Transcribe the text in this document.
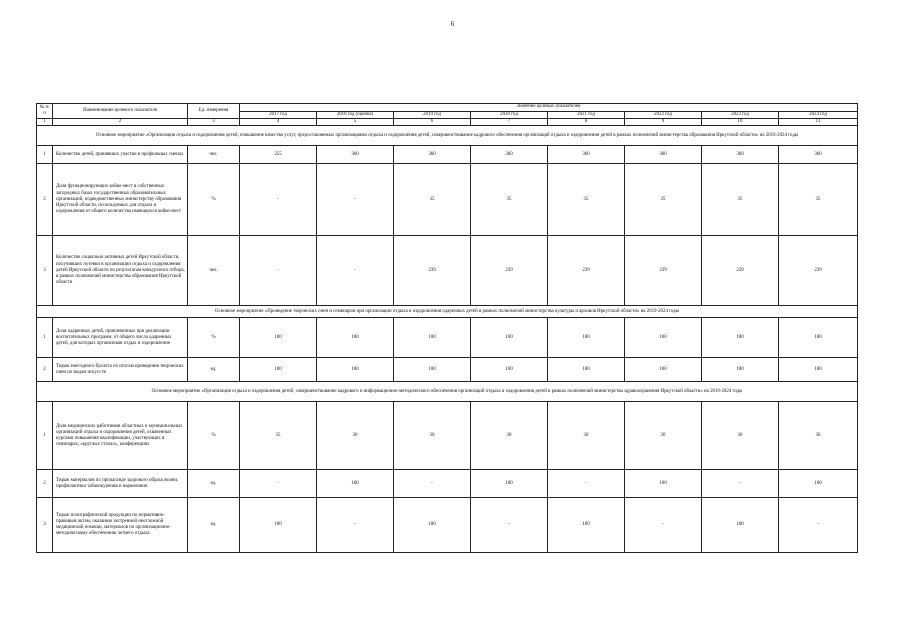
6
№ п/п	Наименование целевого показателя	Ед. измерения	Значение целевых показателей							
			2017 год	2018 год (оценка)	2019 год	2020 год	2021 год	2022 год	2023 год	2024 год
1	2	3	4	5	6	7	8	9	10	11
Основное мероприятие «Организация отдыха и оздоровления детей, повышение качества услуг, предоставляемых организациями отдыха и оздоровления детей, совершенствование кадрового обеспечения организаций отдыха и оздоровления детей в рамках полномочий министерства образования Иркутской области» на 2019-2024 годы										
1	Количество детей, принявших участие в профильных сменах	чел.	255	360	360	360	360	360	360	360
2	Доля функционирующих койко-мест в собственных загородных базах государственных образовательных организаций, подведомственных министерству образования Иркутской области, используемых для отдыха и оздоровления от общего количества имеющихся койко-мест	%	-	-	35	35	35	35	35	35
3	Количество социально активных детей Иркутской области, получивших путевки в организации отдыха и оздоровления детей Иркутской области по результатам конкурсного отбора, в рамках полномочий министерства образования Иркутской области	чел.	-	-	239	239	239	239	239	239
Основное мероприятие «Проведение творческих смен и семинаров при организации отдыха и оздоровления одаренных детей в рамках полномочий министерства культуры и архивов Иркутской области» на 2019-2024 годы										
1	Доля одаренных детей, привлеченных при реализации воспитательных программ, от общего числа одаренных детей, для которых организован отдых и оздоровление	%	100	100	100	100	100	100	100	100
2	Тираж ежегодного буклета по итогам проведения творческих смен по видам искусств	ед.	100	100	100	100	100	100	100	100
Основное мероприятие «Организация отдыха и оздоровления детей, совершенствование кадрового и информационно-методического обеспечения организаций отдыха и оздоровления детей в рамках полномочий министерства здравоохранения Иркутской области» на 2019-2024 годы										
1	Доля медицинских работников областных и муниципальных организаций отдыха и оздоровления детей, охваченных курсами повышения квалификации, участвующих в семинарах, «круглых столах», конференциях	%	35	30	30	30	30	30	30	30
2	Тираж материалов по пропаганде здорового образа жизни, профилактики табакокурения и наркомании	ед.	-	100	-	100	-	100	-	100
3	Тираж полиграфической продукции по нормативно-правовым актам, оказанию экстренной неотложной медицинской помощи, материалов по организационно-методическому обеспечению летнего отдыха	ед.	100	-	100	-	100	-	100	-
